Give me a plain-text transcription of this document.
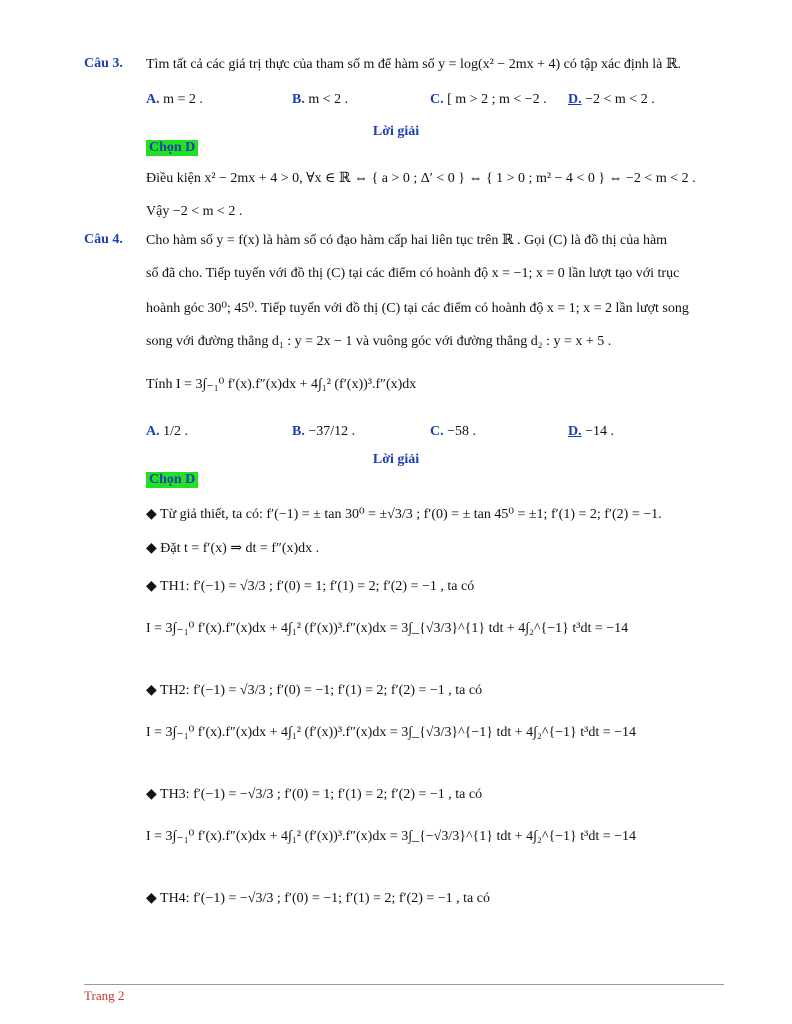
Câu 3. Tìm tất cả các giá trị thực của tham số m để hàm số y = log(x² − 2mx + 4) có tập xác định là ℝ.
A. m = 2 .	B. m < 2 .	C. [ m > 2 ; m < −2 . D. −2 < m < 2 .
Lời giải
Chọn D
Điều kiện x² − 2mx + 4 > 0, ∀x ∈ ℝ ⇔ { a > 0 ; Δ′ < 0 } ⇔ { 1 > 0 ; m² − 4 < 0 } ⇔ −2 < m < 2 .
Vậy −2 < m < 2 .
Câu 4. Cho hàm số y = f(x) là hàm số có đạo hàm cấp hai liên tục trên ℝ . Gọi (C) là đồ thị của hàm
số đã cho. Tiếp tuyến với đồ thị (C) tại các điểm có hoành độ x = −1; x = 0 lần lượt tạo với trục
hoành góc 30⁰; 45⁰. Tiếp tuyến với đồ thị (C) tại các điểm có hoành độ x = 1; x = 2 lần lượt song
song với đường thẳng d₁ : y = 2x − 1 và vuông góc với đường thẳng d₂ : y = x + 5 .
Tính I = 3∫₋₁⁰ f′(x).f″(x)dx + 4∫₁² (f′(x))³.f″(x)dx
A. 1/2 .	B. −37/12 .	C. −58 .	D. −14 .
Lời giải
Chọn D
◆ Từ giả thiết, ta có: f′(−1) = ± tan 30⁰ = ±√3/3 ; f′(0) = ± tan 45⁰ = ±1; f′(1) = 2; f′(2) = −1.
◆ Đặt t = f′(x) ⇒ dt = f″(x)dx .
◆ TH1: f′(−1) = √3/3 ; f′(0) = 1; f′(1) = 2; f′(2) = −1 , ta có
I = 3∫₋₁⁰ f′(x).f″(x)dx + 4∫₁² (f′(x))³.f″(x)dx = 3∫_{√3/3}^{1} tdt + 4∫₂^{−1} t³dt = −14
◆ TH2: f′(−1) = √3/3 ; f′(0) = −1; f′(1) = 2; f′(2) = −1 , ta có
I = 3∫₋₁⁰ f′(x).f″(x)dx + 4∫₁² (f′(x))³.f″(x)dx = 3∫_{√3/3}^{−1} tdt + 4∫₂^{−1} t³dt = −14
◆ TH3: f′(−1) = −√3/3 ; f′(0) = 1; f′(1) = 2; f′(2) = −1 , ta có
I = 3∫₋₁⁰ f′(x).f″(x)dx + 4∫₁² (f′(x))³.f″(x)dx = 3∫_{−√3/3}^{1} tdt + 4∫₂^{−1} t³dt = −14
◆ TH4: f′(−1) = −√3/3 ; f′(0) = −1; f′(1) = 2; f′(2) = −1 , ta có
Trang 2
